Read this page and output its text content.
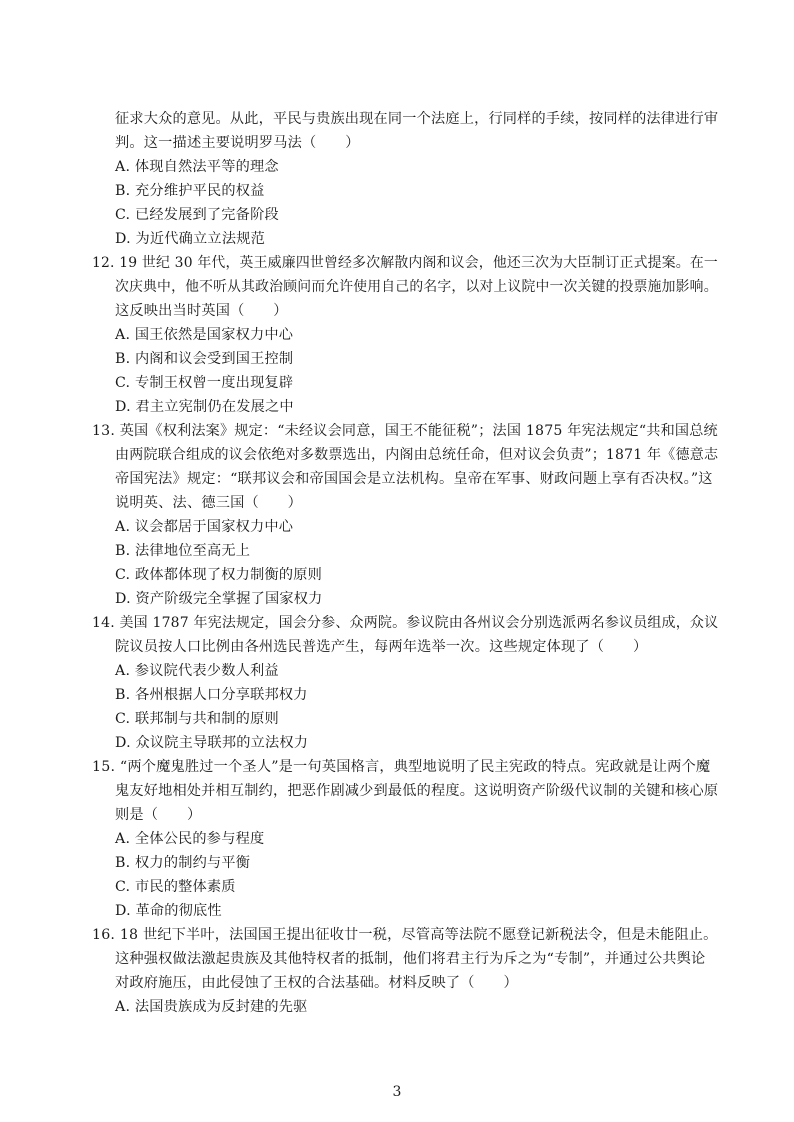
征求大众的意见。从此，平民与贵族出现在同一个法庭上，行同样的手续，按同样的法律进行审
判。这一描述主要说明罗马法（　　）
A. 体现自然法平等的理念
B. 充分维护平民的权益
C. 已经发展到了完备阶段
D. 为近代确立立法规范
12. 19 世纪 30 年代，英王威廉四世曾经多次解散内阁和议会，他还三次为大臣制订正式提案。在一
次庆典中，他不听从其政治顾问而允许使用自己的名字，以对上议院中一次关键的投票施加影响。
这反映出当时英国（　　）
A. 国王依然是国家权力中心
B. 内阁和议会受到国王控制
C. 专制王权曾一度出现复辟
D. 君主立宪制仍在发展之中
13. 英国《权利法案》规定：“未经议会同意，国王不能征税”；法国 1875 年宪法规定“共和国总统
由两院联合组成的议会依绝对多数票选出，内阁由总统任命，但对议会负责”；1871 年《德意志
帝国宪法》规定：“联邦议会和帝国国会是立法机构。皇帝在军事、财政问题上享有否决权。”这
说明英、法、德三国（　　）
A. 议会都居于国家权力中心
B. 法律地位至高无上
C. 政体都体现了权力制衡的原则
D. 资产阶级完全掌握了国家权力
14. 美国 1787 年宪法规定，国会分参、众两院。参议院由各州议会分别选派两名参议员组成，众议
院议员按人口比例由各州选民普选产生，每两年选举一次。这些规定体现了（　　）
A. 参议院代表少数人利益
B. 各州根据人口分享联邦权力
C. 联邦制与共和制的原则
D. 众议院主导联邦的立法权力
15. “两个魔鬼胜过一个圣人”是一句英国格言，典型地说明了民主宪政的特点。宪政就是让两个魔
鬼友好地相处并相互制约，把恶作剧减少到最低的程度。这说明资产阶级代议制的关键和核心原
则是（　　）
A. 全体公民的参与程度
B. 权力的制约与平衡
C. 市民的整体素质
D. 革命的彻底性
16. 18 世纪下半叶，法国国王提出征收廿一税，尽管高等法院不愿登记新税法令，但是未能阻止。
这种强权做法激起贵族及其他特权者的抵制，他们将君主行为斥之为“专制”，并通过公共舆论
对政府施压，由此侵蚀了王权的合法基础。材料反映了（　　）
A. 法国贵族成为反封建的先驱
3
